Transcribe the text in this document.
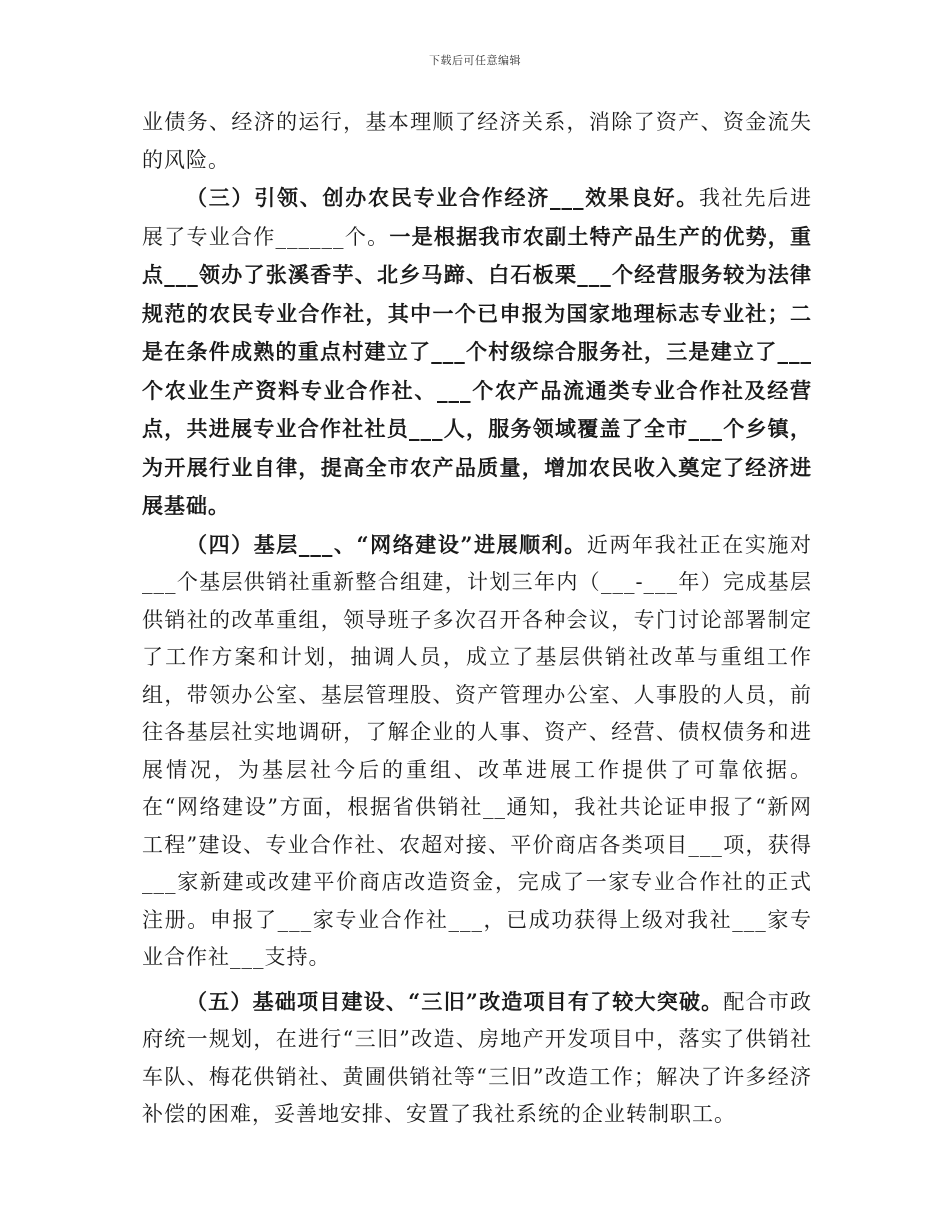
下载后可任意编辑

业债务、经济的运行，基本理顺了经济关系，消除了资产、资金流失的风险。

（三）引领、创办农民专业合作经济___效果良好。我社先后进展了专业合作______个。一是根据我市农副土特产品生产的优势，重点___领办了张溪香芋、北乡马蹄、白石板栗___个经营服务较为法律规范的农民专业合作社，其中一个已申报为国家地理标志专业社；二是在条件成熟的重点村建立了___个村级综合服务社，三是建立了___个农业生产资料专业合作社、___个农产品流通类专业合作社及经营点，共进展专业合作社社员___人，服务领域覆盖了全市___个乡镇，为开展行业自律，提高全市农产品质量，增加农民收入奠定了经济进展基础。

（四）基层___、“网络建设”进展顺利。近两年我社正在实施对___个基层供销社重新整合组建，计划三年内（___-___年）完成基层供销社的改革重组，领导班子多次召开各种会议，专门讨论部署制定了工作方案和计划，抽调人员，成立了基层供销社改革与重组工作组，带领办公室、基层管理股、资产管理办公室、人事股的人员，前往各基层社实地调研，了解企业的人事、资产、经营、债权债务和进展情况，为基层社今后的重组、改革进展工作提供了可靠依据。在“网络建设”方面，根据省供销社__通知，我社共论证申报了“新网工程”建设、专业合作社、农超对接、平价商店各类项目___项，获得___家新建或改建平价商店改造资金，完成了一家专业合作社的正式注册。申报了___家专业合作社___，已成功获得上级对我社___家专业合作社___支持。

（五）基础项目建设、“三旧”改造项目有了较大突破。配合市政府统一规划，在进行“三旧”改造、房地产开发项目中，落实了供销社车队、梅花供销社、黄圃供销社等“三旧”改造工作；解决了许多经济补偿的困难，妥善地安排、安置了我社系统的企业转制职工。
